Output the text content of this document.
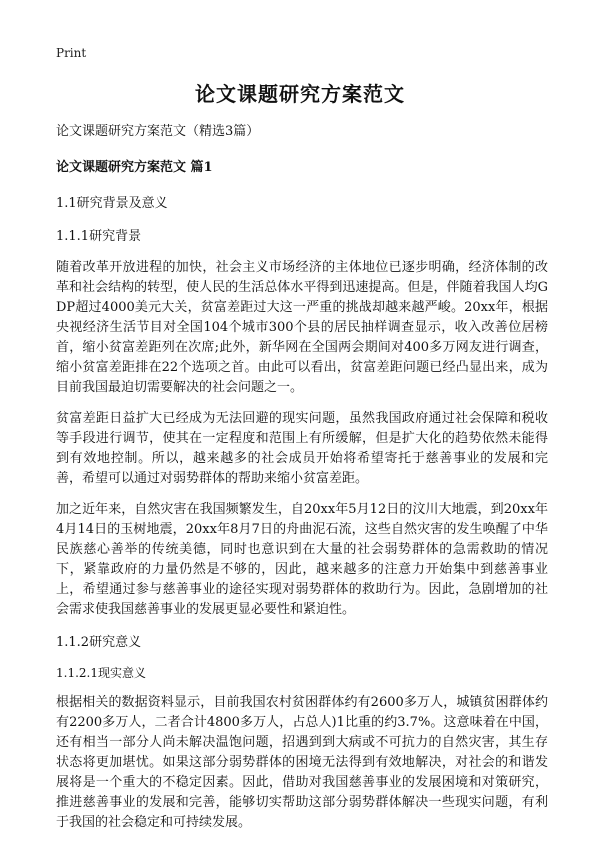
Print
论文课题研究方案范文
论文课题研究方案范文（精选3篇）
论文课题研究方案范文 篇1
1.1研究背景及意义
1.1.1研究背景

随着改革开放进程的加快，社会主义市场经济的主体地位已逐步明确，经济体制的改革和社会结构的转型，使人民的生活总体水平得到迅速提高。但是，伴随着我国人均GDP超过4000美元大关，贫富差距过大这一严重的挑战却越来越严峻。20xx年，根据央视经济生活节目对全国104个城市300个县的居民抽样调查显示，收入改善位居榜首，缩小贫富差距列在次席;此外，新华网在全国两会期间对400多万网友进行调查，缩小贫富差距排在22个选项之首。由此可以看出，贫富差距问题已经凸显出来，成为目前我国最迫切需要解决的社会问题之一。

贫富差距日益扩大已经成为无法回避的现实问题，虽然我国政府通过社会保障和税收等手段进行调节，使其在一定程度和范围上有所缓解，但是扩大化的趋势依然未能得到有效地控制。所以，越来越多的社会成员开始将希望寄托于慈善事业的发展和完善，希望可以通过对弱势群体的帮助来缩小贫富差距。

加之近年来，自然灾害在我国频繁发生，自20xx年5月12日的汶川大地震，到20xx年4月14日的玉树地震，20xx年8月7日的舟曲泥石流，这些自然灾害的发生唤醒了中华民族慈心善举的传统美德，同时也意识到在大量的社会弱势群体的急需救助的情况下，紧靠政府的力量仍然是不够的，因此，越来越多的注意力开始集中到慈善事业上，希望通过参与慈善事业的途径实现对弱势群体的救助行为。因此，急剧增加的社会需求使我国慈善事业的发展更显必要性和紧迫性。

1.1.2研究意义
1.1.2.1现实意义

根据相关的数据资料显示，目前我国农村贫困群体约有2600多万人，城镇贫困群体约有2200多万人，二者合计4800多万人，占总人)1比重的约3.7%。这意味着在中国，还有相当一部分人尚未解决温饱问题，招遇到到大病或不可抗力的自然灾害，其生存状态将更加堪忧。如果这部分弱势群体的困境无法得到有效地解决，对社会的和谐发展将是一个重大的不稳定因素。因此，借助对我国慈善事业的发展困境和对策研究，推进慈善事业的发展和完善，能够切实帮助这部分弱势群体解决一些现实问题，有利于我国的社会稳定和可持续发展。
